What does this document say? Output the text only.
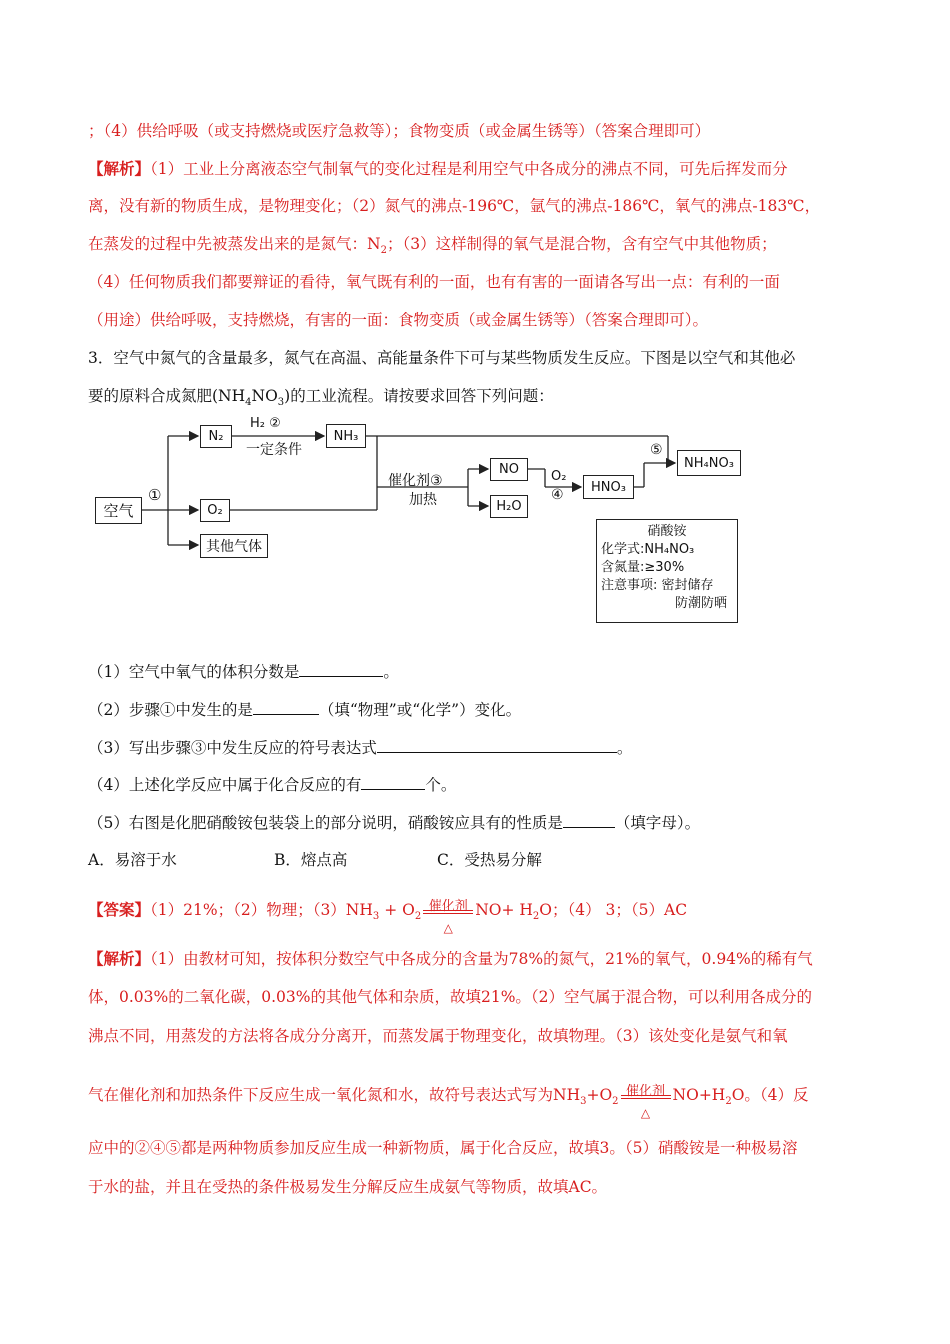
；（4）供给呼吸（或支持燃烧或医疗急救等）；食物变质（或金属生锈等）（答案合理即可）
【解析】（1）工业上分离液态空气制氧气的变化过程是利用空气中各成分的沸点不同，可先后挥发而分
离，没有新的物质生成，是物理变化；（2）氮气的沸点-196℃，氩气的沸点-186℃，氧气的沸点-183℃，
在蒸发的过程中先被蒸发出来的是氮气：$N_2$；（3）这样制得的氧气是混合物，含有空气中其他物质；
（4）任何物质我们都要辩证的看待，氧气既有利的一面，也有有害的一面请各写出一点：有利的一面
（用途）供给呼吸，支持燃烧，有害的一面：食物变质（或金属生锈等）（答案合理即可）。
3．空气中氮气的含量最多，氮气在高温、高能量条件下可与某些物质发生反应。下图是以空气和其他必
要的原料合成氮肥$(NH_4NO_3)$的工业流程。请按要求回答下列问题：
空气
①
N₂
O₂
其他气体
H₂ ②
一定条件
NH₃
催化剂③
加热
NO
H₂O
O₂
④	HNO₃
⑤
NH₄NO₃
硝酸铵
化学式:NH₄NO₃
含氮量:≥30%
注意事项: 密封储存
防潮防晒
（1）空气中氧气的体积分数是	。
（2）步骤①中发生的是	（填“物理”或“化学”）变化。
（3）写出步骤③中发生反应的符号表达式	。
（4）上述化学反应中属于化合反应的有	个。
（5）右图是化肥硝酸铵包装袋上的部分说明，硝酸铵应具有的性质是	（填字母）。
A．易溶于水	B．熔点高	C．受热易分解
【答案】（1）21%；（2）物理；$(3)NH_3 + O_2$
催化剂
△
$NO+ H_2O$；（4） 3；（5）AC
【解析】（1）由教材可知，按体积分数空气中各成分的含量为78%的氮气，21%的氧气，0.94%的稀有气
体，0.03%的二氧化碳，0.03%的其他气体和杂质，故填21%。（2）空气属于混合物，可以利用各成分的
沸点不同，用蒸发的方法将各成分分离开，而蒸发属于物理变化，故填物理。（3）该处变化是氨气和氧
气在催化剂和加热条件下反应生成一氧化氮和水，故符号表达式写为$NH_3+O_2$
催化剂
△
$NO+H_2O$。（4）反
应中的②④⑤都是两种物质参加反应生成一种新物质，属于化合反应，故填3。（5）硝酸铵是一种极易溶
于水的盐，并且在受热的条件极易发生分解反应生成氨气等物质，故填AC。
